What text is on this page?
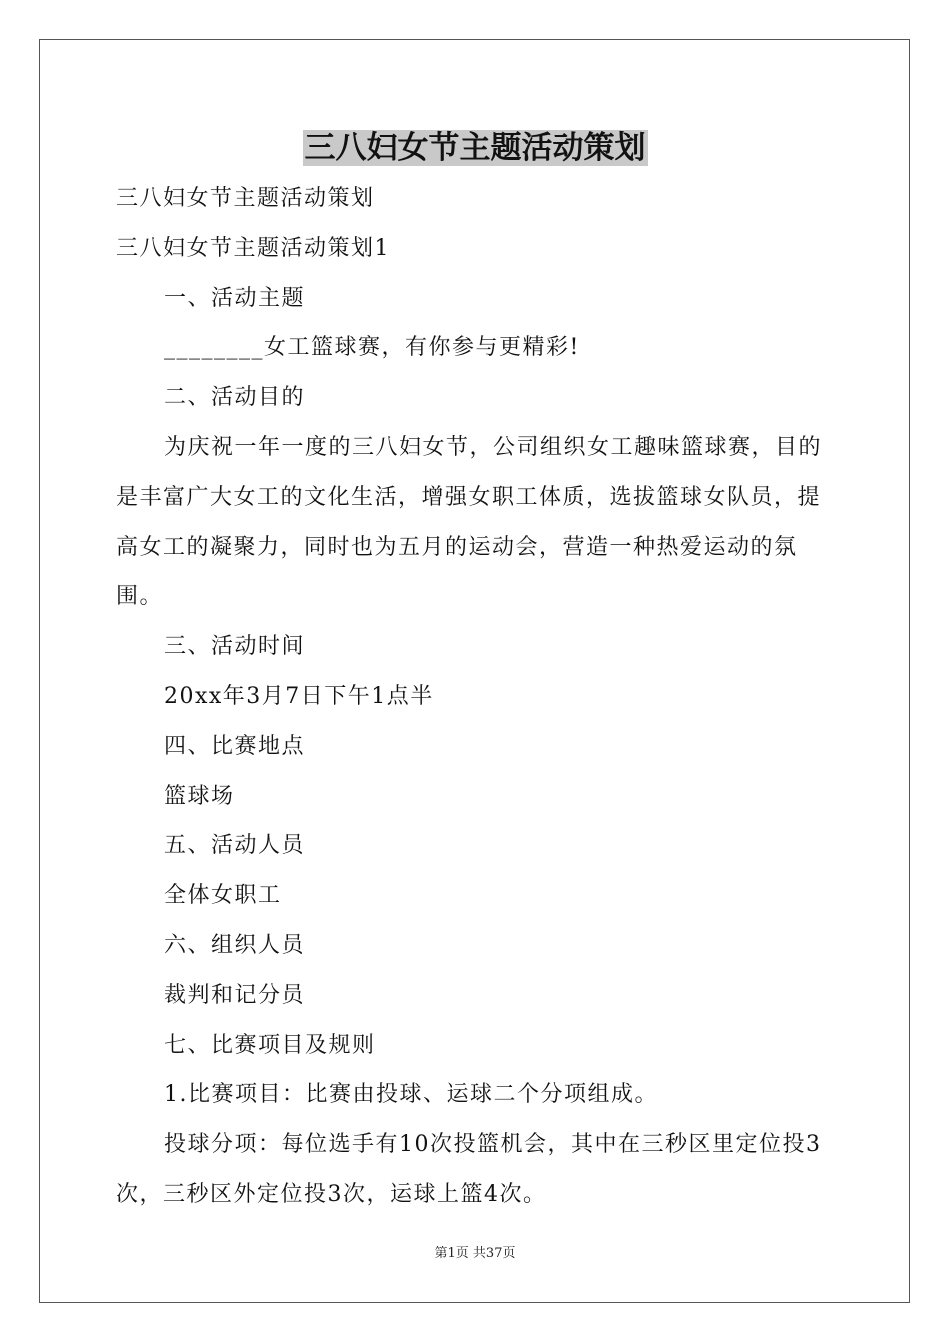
三八妇女节主题活动策划

三八妇女节主题活动策划

三八妇女节主题活动策划1

一、活动主题

________女工篮球赛，有你参与更精彩!

二、活动目的

为庆祝一年一度的三八妇女节，公司组织女工趣味篮球赛，目的是丰富广大女工的文化生活，增强女职工体质，选拔篮球女队员，提高女工的凝聚力，同时也为五月的运动会，营造一种热爱运动的氛围。

三、活动时间

20xx年3月7日下午1点半

四、比赛地点

篮球场

五、活动人员

全体女职工

六、组织人员

裁判和记分员

七、比赛项目及规则

1.比赛项目：比赛由投球、运球二个分项组成。

投球分项：每位选手有10次投篮机会，其中在三秒区里定位投3次，三秒区外定位投3次，运球上篮4次。

第1页 共37页
